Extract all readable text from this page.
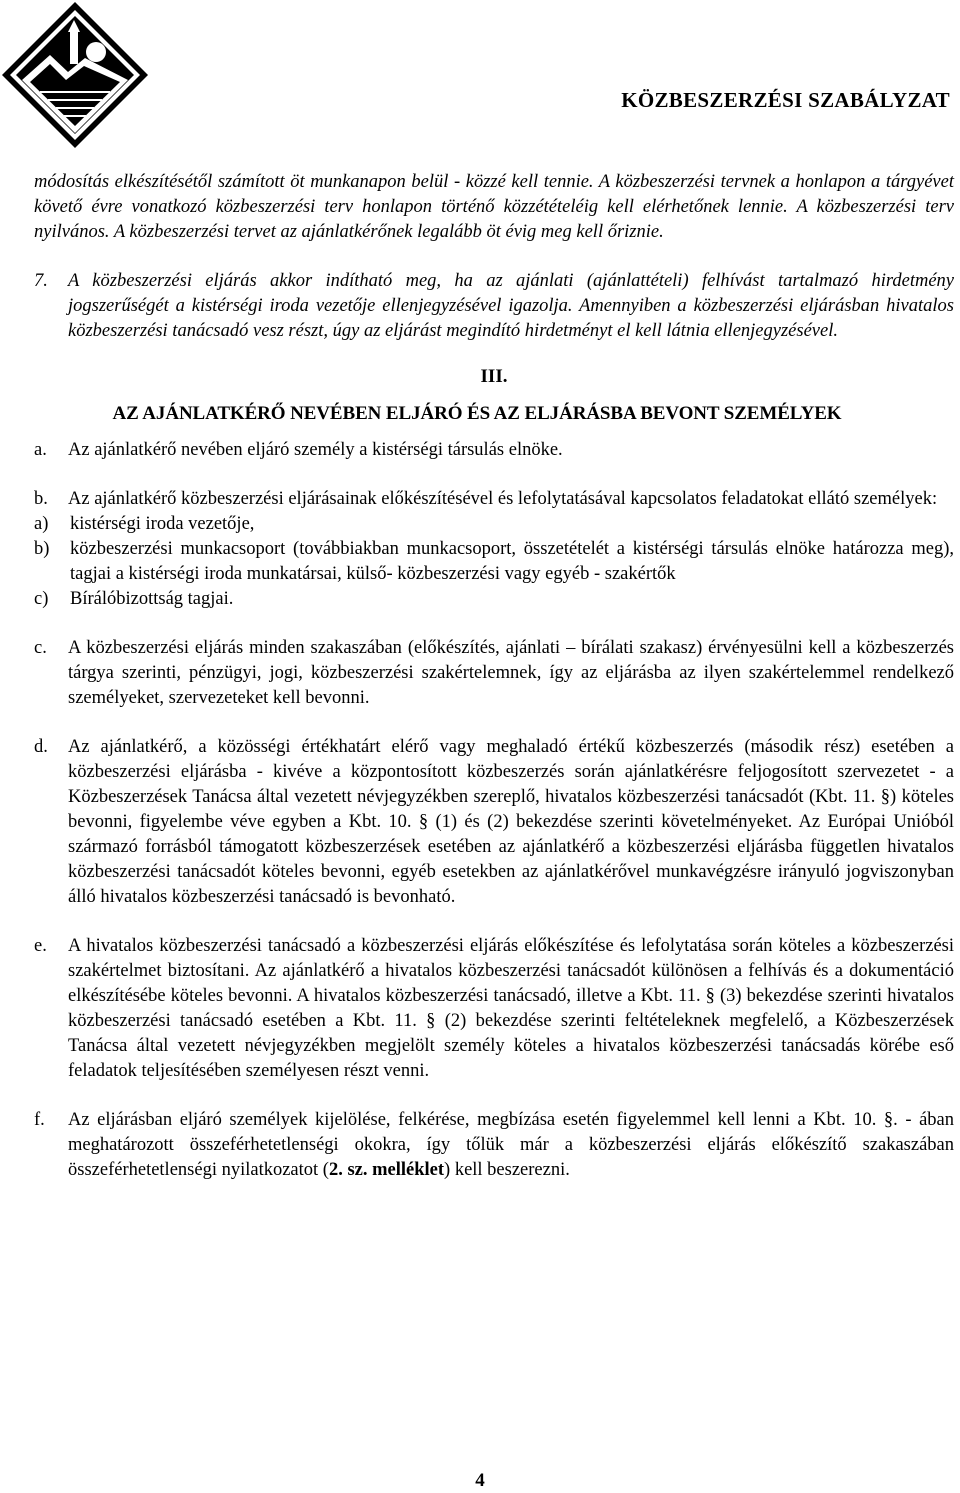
KÖZBESZERZÉSI SZABÁLYZAT

módosítás elkészítésétől számított öt munkanapon belül - közzé kell tennie. A közbeszerzési tervnek a honlapon a tárgyévet követő évre vonatkozó közbeszerzési terv honlapon történő közzétételéig kell elérhetőnek lennie. A közbeszerzési terv nyilvános. A közbeszerzési tervet az ajánlatkérőnek legalább öt évig meg kell őriznie.

7.	A közbeszerzési eljárás akkor indítható meg, ha az ajánlati (ajánlattételi) felhívást tartalmazó hirdetmény jogszerűségét a kistérségi iroda vezetője ellenjegyzésével igazolja. Amennyiben a közbeszerzési eljárásban hivatalos közbeszerzési tanácsadó vesz részt, úgy az eljárást megindító hirdetményt el kell látnia ellenjegyzésével.

III.
AZ AJÁNLATKÉRŐ NEVÉBEN ELJÁRÓ ÉS AZ ELJÁRÁSBA BEVONT SZEMÉLYEK
a.	Az ajánlatkérő nevében eljáró személy a kistérségi társulás elnöke.

b.	Az ajánlatkérő közbeszerzési eljárásainak előkészítésével és lefolytatásával kapcsolatos feladatokat ellátó személyek:

a)	kistérségi iroda vezetője,
b)	közbeszerzési munkacsoport (továbbiakban munkacsoport, összetételét a kistérségi társulás elnöke határozza meg), tagjai a kistérségi iroda munkatársai, külső- közbeszerzési vagy egyéb - szakértők
c)	Bírálóbizottság tagjai.
c.	A közbeszerzési eljárás minden szakaszában (előkészítés, ajánlati – bírálati szakasz) érvényesülni kell a közbeszerzés tárgya szerinti, pénzügyi, jogi, közbeszerzési szakértelemnek, így az eljárásba az ilyen szakértelemmel rendelkező személyeket, szervezeteket kell bevonni.

d.	Az ajánlatkérő, a közösségi értékhatárt elérő vagy meghaladó értékű közbeszerzés (második rész) esetében a közbeszerzési eljárásba - kivéve a központosított közbeszerzés során ajánlatkérésre feljogosított szervezetet - a Közbeszerzések Tanácsa által vezetett névjegyzékben szereplő, hivatalos közbeszerzési tanácsadót (Kbt. 11. §) köteles bevonni, figyelembe véve egyben a Kbt. 10. § (1) és (2) bekezdése szerinti követelményeket. Az Európai Unióból származó forrásból támogatott közbeszerzések esetében az ajánlatkérő a közbeszerzési eljárásba független hivatalos közbeszerzési tanácsadót köteles bevonni, egyéb esetekben az ajánlatkérővel munkavégzésre irányuló jogviszonyban álló hivatalos közbeszerzési tanácsadó is bevonható.

e.	A hivatalos közbeszerzési tanácsadó a közbeszerzési eljárás előkészítése és lefolytatása során köteles a közbeszerzési szakértelmet biztosítani. Az ajánlatkérő a hivatalos közbeszerzési tanácsadót különösen a felhívás és a dokumentáció elkészítésébe köteles bevonni. A hivatalos közbeszerzési tanácsadó, illetve a Kbt. 11. § (3) bekezdése szerinti hivatalos közbeszerzési tanácsadó esetében a Kbt. 11. § (2) bekezdése szerinti feltételeknek megfelelő, a Közbeszerzések Tanácsa által vezetett névjegyzékben megjelölt személy köteles a hivatalos közbeszerzési tanácsadás körébe eső feladatok teljesítésében személyesen részt venni.

f.	Az eljárásban eljáró személyek kijelölése, felkérése, megbízása esetén figyelemmel kell lenni a Kbt. 10. §. - ában meghatározott összeférhetetlenségi okokra, így tőlük már a közbeszerzési eljárás előkészítő szakaszában összeférhetetlenségi nyilatkozatot (2. sz. melléklet) kell beszerezni.

4
